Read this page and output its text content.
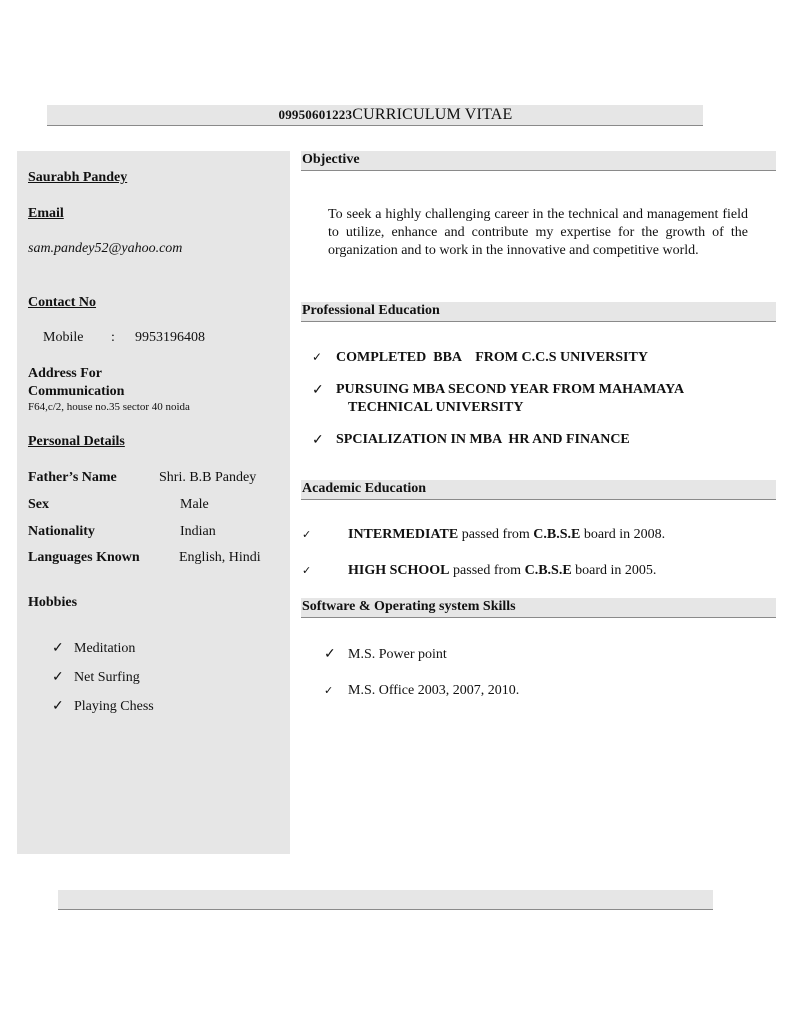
09950601223CURRICULUM VITAE
Saurabh Pandey
Email
sam.pandey52@yahoo.com
Contact No
Mobile : 9953196408
Address For
Communication
F64,c/2, house no.35 sector 40 noida
Personal Details
Father’s Name	Shri. B.B Pandey
Sex	Male
Nationality	Indian
Languages Known	English, Hindi
Hobbies
✓ Meditation
✓ Net Surfing
✓ Playing Chess
Objective
To seek a highly challenging career in the technical and management field to utilize, enhance and contribute my expertise for the growth of the organization and to work in the innovative and competitive world.
Professional Education
✓ COMPLETED  BBA    FROM C.C.S UNIVERSITY
✓ PURSUING MBA SECOND YEAR FROM MAHAMAYA
TECHNICAL UNIVERSITY
✓ SPCIALIZATION IN MBA  HR AND FINANCE
Academic Education
✓	INTERMEDIATE passed from C.B.S.E board in 2008.
✓	HIGH SCHOOL passed from C.B.S.E board in 2005.
Software & Operating system Skills
✓ M.S. Power point
✓ M.S. Office 2003, 2007, 2010.
